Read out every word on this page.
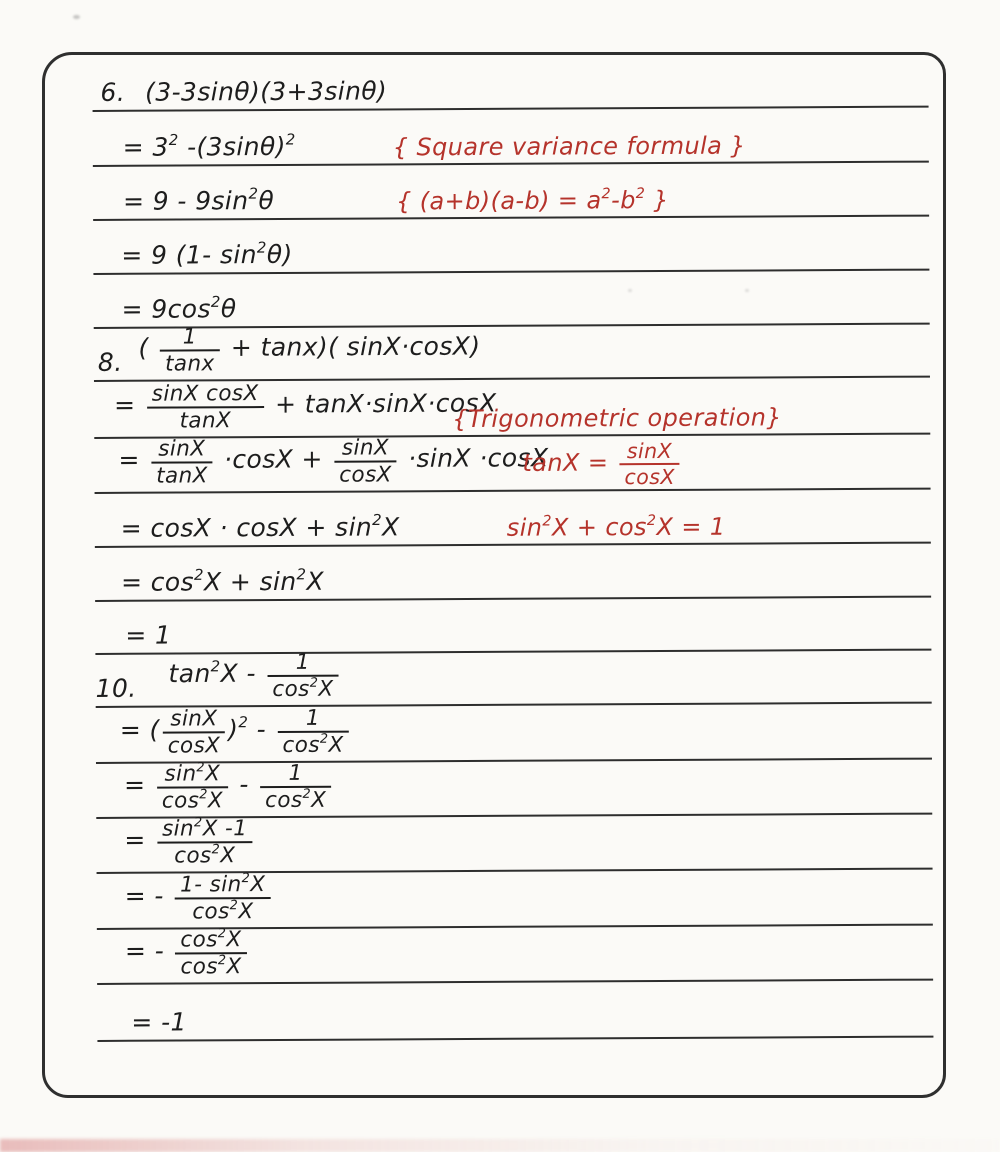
6. (3-3sinθ)(3+3sinθ)
= $3^2$ $-(3\sin\theta)^2$	{ Square variance formula }
= $9 - 9\sin^2\theta$	{ $(a+b)(a-b) = a^2-b^2$ }
= 9 (1- $\sin^2\theta$)
= $9\cos^2\theta$
8.
( $\frac{1}{\tan x} + \tan x$)( sinX·cosX)
= $\frac{\text{sinX cosX}}{\tan X} + \tan X\cdot\sin X\cdot\cos X$
{Trigonometric operation}
= $\frac{\sin X}{\tan X} \cdot\cos X + \frac{\sin X}{\cos X} \cdot\sin X \cdot\cos X$
$\tan X = \frac{\sin X}{\cos X}$
= $\cos X \cdot \cos X + \sin^2X$	$\sin^2X + \cos^2X = 1$
= $\cos^2X + \sin^2X$
= 1
10.
$\tan^2X - \frac{1}{\cos^2X}$
= ( $\frac{\sin X}{\cos X} )^2 - \frac{1}{\cos^2X}$
= $\frac{\sin^2X}{\cos^2X} - \frac{1}{\cos^2X}$
= $\frac{\sin^2X -1}{\cos^2X}$
= - $\frac{1- \sin^2X}{\cos^2X}$
= - $\frac{\cos^2X}{\cos^2X}$
= -1
